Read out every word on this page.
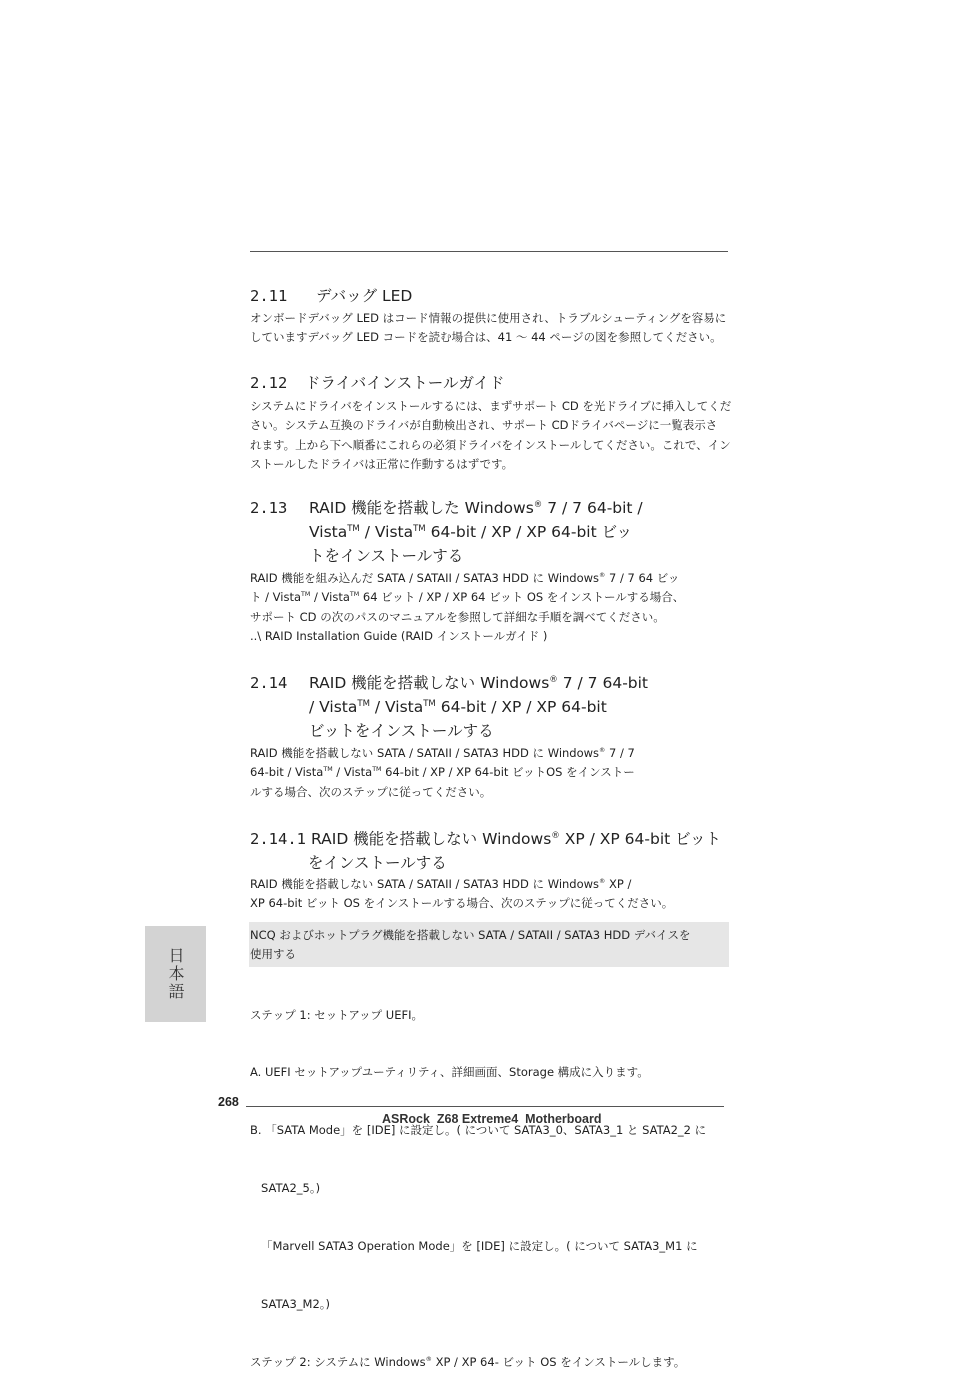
2.11 デバッグ LED
オンボードデバッグ LED はコード情報の提供に使用され、トラブルシューティングを容易に
していますデバッグ LED コードを読む場合は、41 ～ 44 ページの図を参照してください。
2.12 ドライバインストールガイド
システムにドライバをインストールするには、まずサポート CD を光ドライブに挿入してくだ
さい。システム互換のドライバが自動検出され、サポート CDドライバページに一覧表示さ
れます。上から下へ順番にこれらの必須ドライバをインストールしてください。これで、イン
ストールしたドライバは正常に作動するはずです。
2.13 RAID 機能を搭載した Windows® 7 / 7 64-bit /
Vista™ / Vista™ 64-bit / XP / XP 64-bit ビッ
トをインストールする
RAID 機能を組み込んだ SATA / SATAII / SATA3 HDD に Windows® 7 / 7 64 ビッ
ト / Vista™ / Vista™ 64 ビット / XP / XP 64 ビット OS をインストールする場合、
サポート CD の次のパスのマニュアルを参照して詳細な手順を調べてください。
..\ RAID Installation Guide (RAID インストールガイド )
2.14 RAID 機能を搭載しない Windows® 7 / 7 64-bit
/ Vista™ / Vista™ 64-bit / XP / XP 64-bit
ビットをインストールする
RAID 機能を搭載しない SATA / SATAII / SATA3 HDD に Windows® 7 / 7
64-bit / Vista™ / Vista™ 64-bit / XP / XP 64-bit ビットOS をインストー
ルする場合、次のステップに従ってください。
2.14.1 RAID 機能を搭載しない Windows® XP / XP 64-bit ビット
をインストールする
RAID 機能を搭載しない SATA / SATAII / SATA3 HDD に Windows® XP /
XP 64-bit ビット OS をインストールする場合、次のステップに従ってください。
NCQ およびホットプラグ機能を搭載しない SATA / SATAII / SATA3 HDD デバイスを
使用する

ステップ 1: セットアップ UEFI。

A. UEFI セットアップユーティリティ、詳細画面、Storage 構成に入ります。

B. 「SATA Mode」を [IDE] に設定し。( について SATA3_0、SATA3_1 と SATA2_2 に

SATA2_5。)

「Marvell SATA3 Operation Mode」を [IDE] に設定し。( について SATA3_M1 に

SATA3_M2。)

ステップ 2: システムに Windows® XP / XP 64- ビット OS をインストールします。

日本語
268
ASRock  Z68 Extreme4  Motherboard
